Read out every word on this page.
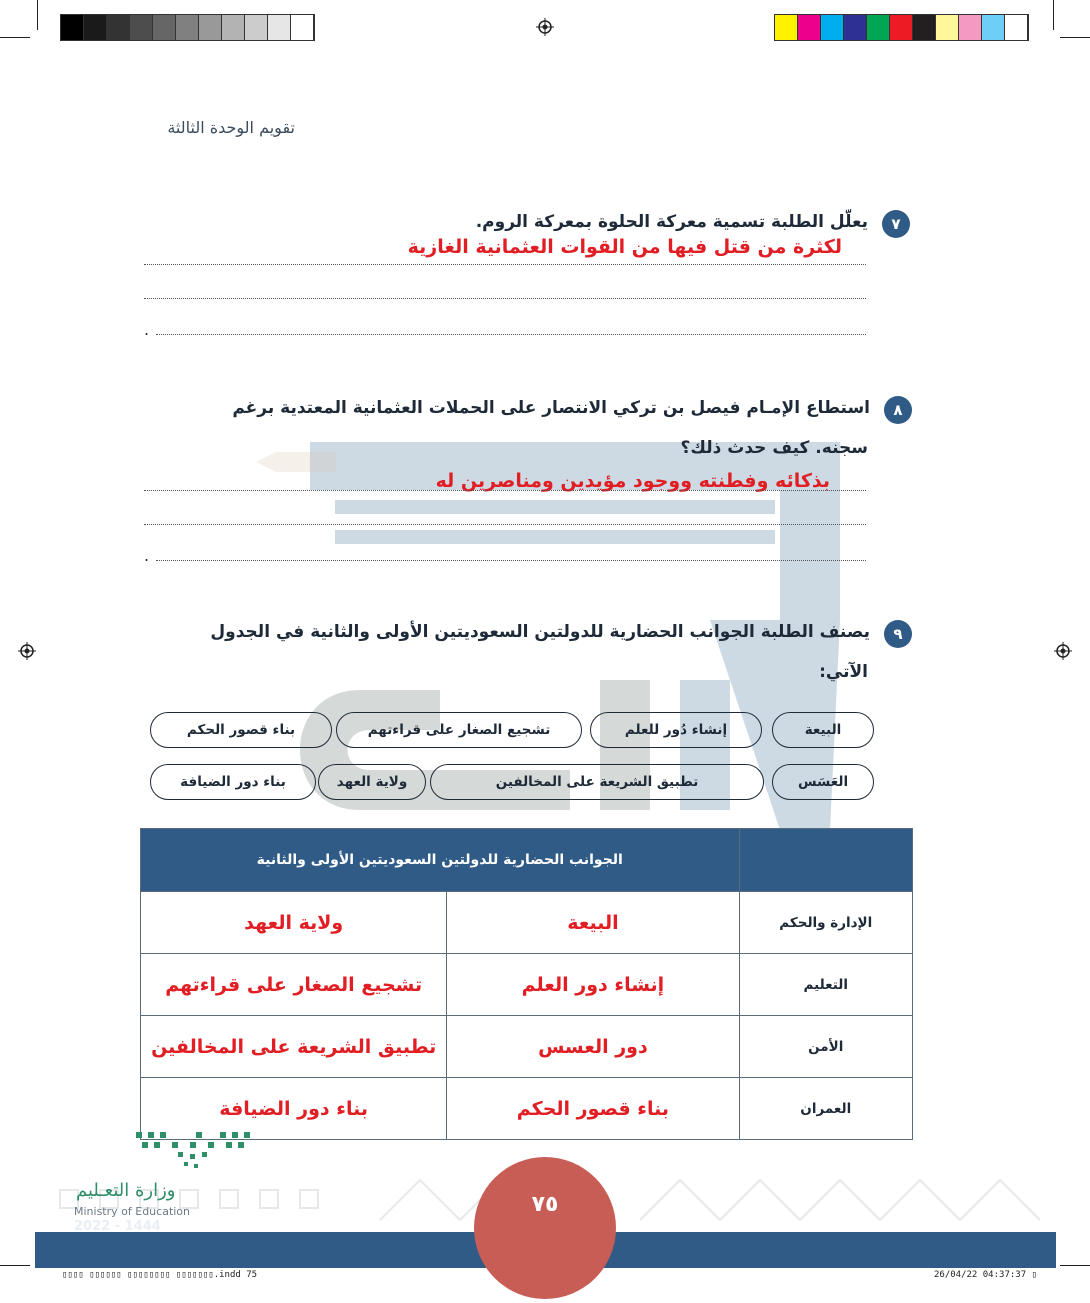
تقويم الوحدة الثالثة
٧
يعلّل الطلبة تسمية معركة الحلوة بمعركة الروم.
لكثرة من قتل فيها من القوات العثمانية الغازية
.
٨
استطاع الإمـام فيصل بن تركي الانتصار على الحملات العثمانية المعتدية برغم
سجنه. كيف حدث ذلك؟
بذكائه وفطنته ووجود مؤيدين ومناصرين له
.
٩
يصنف الطلبة الجوانب الحضارية للدولتين السعوديتين الأولى والثانية في الجدول
الآتي:
البيعة
إنشاء دُور للعلم
تشجيع الصغار على قراءتهم
بناء قصور الحكم
العَسَس
تطبيق الشريعة على المخالفين
ولاية العهد
بناء دور الضيافة
الجوانب الحضارية للدولتين السعوديتين الأولى والثانية		
ولاية العهد	البيعة	الإدارة والحكم
تشجيع الصغار على قراءتهم	إنشاء دور العلم	التعليم
تطبيق الشريعة على المخالفين	دور العسس	الأمن
بناء دور الضيافة	بناء قصور الحكم	العمران
وزارة التعـليم
Ministry of Education
2022 - 1444
٧٥
▯▯▯▯ ▯▯▯▯▯▯ ▯▯▯▯▯▯▯▯ ▯▯▯▯▯▯▯.indd 75	26/04/22 04:37:37 ▯
